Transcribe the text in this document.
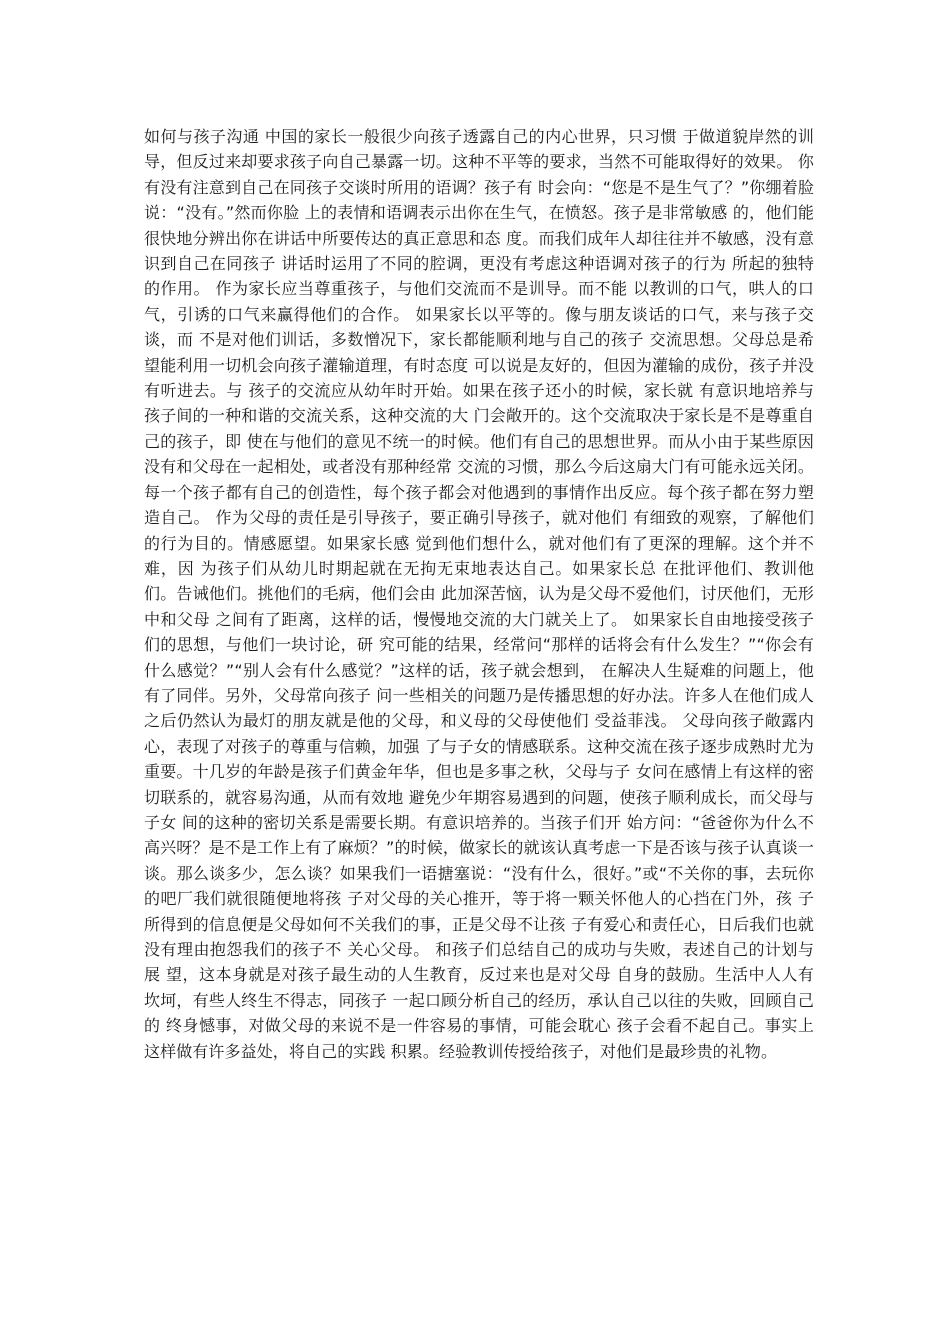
如何与孩子沟通 中国的家长一般很少向孩子透露自己的内心世界，只习惯 于做道貌岸然的训导，但反过来却要求孩子向自己暴露一切。这种不平等的要求，当然不可能取得好的效果。 你有没有注意到自己在同孩子交谈时所用的语调？孩子有 时会向：“您是不是生气了？”你绷着脸说：“没有。”然而你脸 上的表情和语调表示出你在生气，在愤怒。孩子是非常敏感 的，他们能很快地分辨出你在讲话中所要传达的真正意思和态 度。而我们成年人却往往并不敏感，没有意识到自己在同孩子 讲话时运用了不同的腔调，更没有考虑这种语调对孩子的行为 所起的独特的作用。 作为家长应当尊重孩子，与他们交流而不是训导。而不能 以教训的口气，哄人的口气，引诱的口气来赢得他们的合作。 如果家长以平等的。像与朋友谈话的口气，来与孩子交谈，而 不是对他们训话，多数憎况下，家长都能顺利地与自己的孩子 交流思想。父母总是希望能利用一切机会向孩子灌输道理，有时态度 可以说是友好的，但因为灌输的成份，孩子并没有听进去。与 孩子的交流应从幼年时开始。如果在孩子还小的时候，家长就 有意识地培养与孩子间的一种和谐的交流关系，这种交流的大 门会敞开的。这个交流取决于家长是不是尊重自己的孩子，即 使在与他们的意见不统一的时候。他们有自己的思想世界。而从小由于某些原因没有和父母在一起相处，或者没有那种经常 交流的习惯，那么今后这扇大门有可能永远关闭。 每一个孩子都有自己的创造性，每个孩子都会对他遇到的事情作出反应。每个孩子都在努力塑造自己。 作为父母的责任是引导孩子，要正确引导孩子，就对他们 有细致的观察，了解他们的行为目的。情感愿望。如果家长感 觉到他们想什么，就对他们有了更深的理解。这个并不难，因 为孩子们从幼儿时期起就在无拘无束地表达自己。如果家长总 在批评他们、教训他们。告诫他们。挑他们的毛病，他们会由 此加深苦恼，认为是父母不爱他们，讨厌他们，无形中和父母 之间有了距离，这样的话，慢慢地交流的大门就关上了。 如果家长自由地接受孩子们的思想，与他们一块讨论，研 究可能的结果，经常问“那样的话将会有什么发生？”“你会有 什么感觉？”“别人会有什么感觉？”这样的话，孩子就会想到， 在解决人生疑难的问题上，他有了同伴。另外，父母常向孩子 问一些相关的问题乃是传播思想的好办法。许多人在他们成人 之后仍然认为最灯的朋友就是他的父母，和义母的父母使他们 受益菲浅。 父母向孩子敞露内心，表现了对孩子的尊重与信赖，加强 了与子女的情感联系。这种交流在孩子逐步成熟时尤为重要。十几岁的年龄是孩子们黄金年华，但也是多事之秋，父母与子 女问在感情上有这样的密切联系的，就容易沟通，从而有效地 避免少年期容易遇到的问题，使孩子顺利成长，而父母与子女 间的这种的密切关系是需要长期。有意识培养的。当孩子们开 始方问：“爸爸你为什么不高兴呀？是不是工作上有了麻烦？”的时候，做家长的就该认真考虑一下是否该与孩子认真谈一 谈。那么谈多少，怎么谈？如果我们一语搪塞说：“没有什么，很好。”或“不关你的事，去玩你的吧厂我们就很随便地将孩 子对父母的关心推开，等于将一颗关怀他人的心挡在门外，孩 子所得到的信息便是父母如何不关我们的事，正是父母不让孩 子有爱心和责任心，日后我们也就没有理由抱怨我们的孩子不 关心父母。 和孩子们总结自己的成功与失败，表述自己的计划与展 望，这本身就是对孩子最生动的人生教育，反过来也是对父母 自身的鼓励。生活中人人有坎坷，有些人终生不得志，同孩子 一起口顾分析自己的经历，承认自己以往的失败，回顾自己的 终身憾事，对做父母的来说不是一件容易的事情，可能会耽心 孩子会看不起自己。事实上这样做有许多益处，将自己的实践 积累。经验教训传授给孩子，对他们是最珍贵的礼物。
